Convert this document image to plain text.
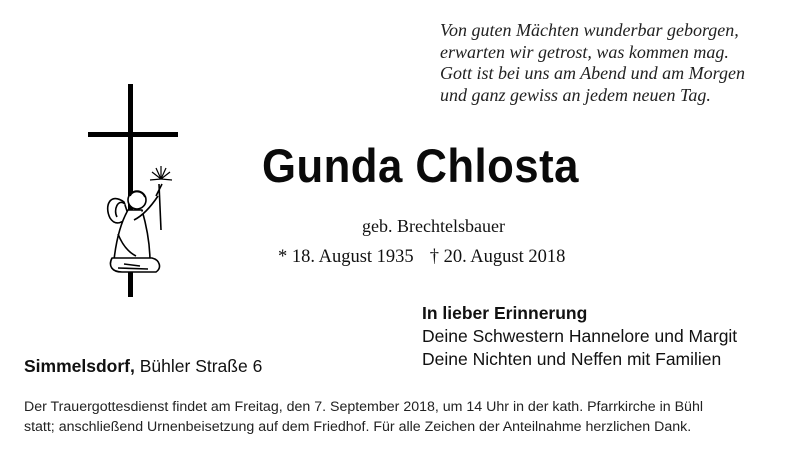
Von guten Mächten wunderbar geborgen,
erwarten wir getrost, was kommen mag.
Gott ist bei uns am Abend und am Morgen
und ganz gewiss an jedem neuen Tag.
Gunda Chlosta
geb. Brechtelsbauer
* 18. August 1935 † 20. August 2018
In lieber Erinnerung
Deine Schwestern Hannelore und Margit
Deine Nichten und Neffen mit Familien
Simmelsdorf, Bühler Straße 6
Der Trauergottesdienst findet am Freitag, den 7. September 2018, um 14 Uhr in der kath. Pfarrkirche in Bühl
statt; anschließend Urnenbeisetzung auf dem Friedhof. Für alle Zeichen der Anteilnahme herzlichen Dank.
